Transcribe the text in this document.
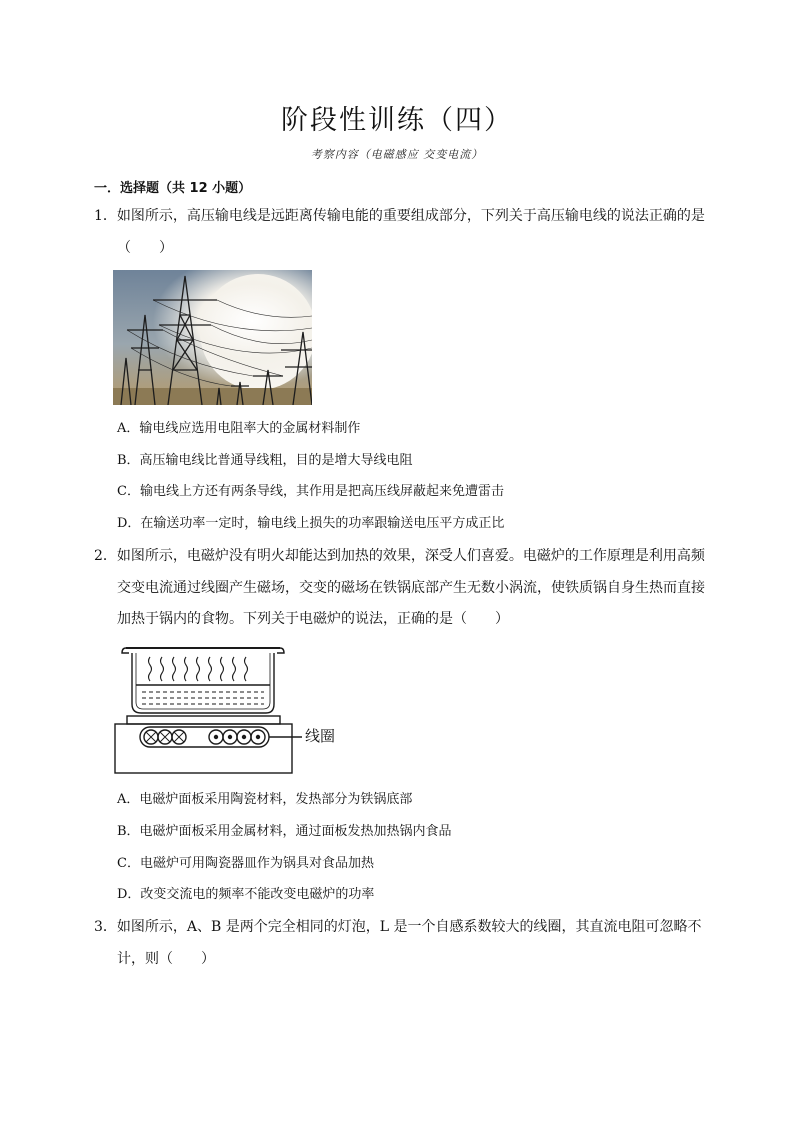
阶段性训练（四）
考察内容（电磁感应 交变电流）
一．选择题（共 12 小题）
1．如图所示，高压输电线是远距离传输电能的重要组成部分，下列关于高压输电线的说法正确的是
（　　）
A．输电线应选用电阻率大的金属材料制作
B．高压输电线比普通导线粗，目的是增大导线电阻
C．输电线上方还有两条导线，其作用是把高压线屏蔽起来免遭雷击
D．在输送功率一定时，输电线上损失的功率跟输送电压平方成正比
2．如图所示，电磁炉没有明火却能达到加热的效果，深受人们喜爱。电磁炉的工作原理是利用高频
交变电流通过线圈产生磁场，交变的磁场在铁锅底部产生无数小涡流，使铁质锅自身生热而直接
加热于锅内的食物。下列关于电磁炉的说法，正确的是（　　）
线圈
A．电磁炉面板采用陶瓷材料，发热部分为铁锅底部
B．电磁炉面板采用金属材料，通过面板发热加热锅内食品
C．电磁炉可用陶瓷器皿作为锅具对食品加热
D．改变交流电的频率不能改变电磁炉的功率
3．如图所示，A、B 是两个完全相同的灯泡，L 是一个自感系数较大的线圈，其直流电阻可忽略不
计，则（　　）
